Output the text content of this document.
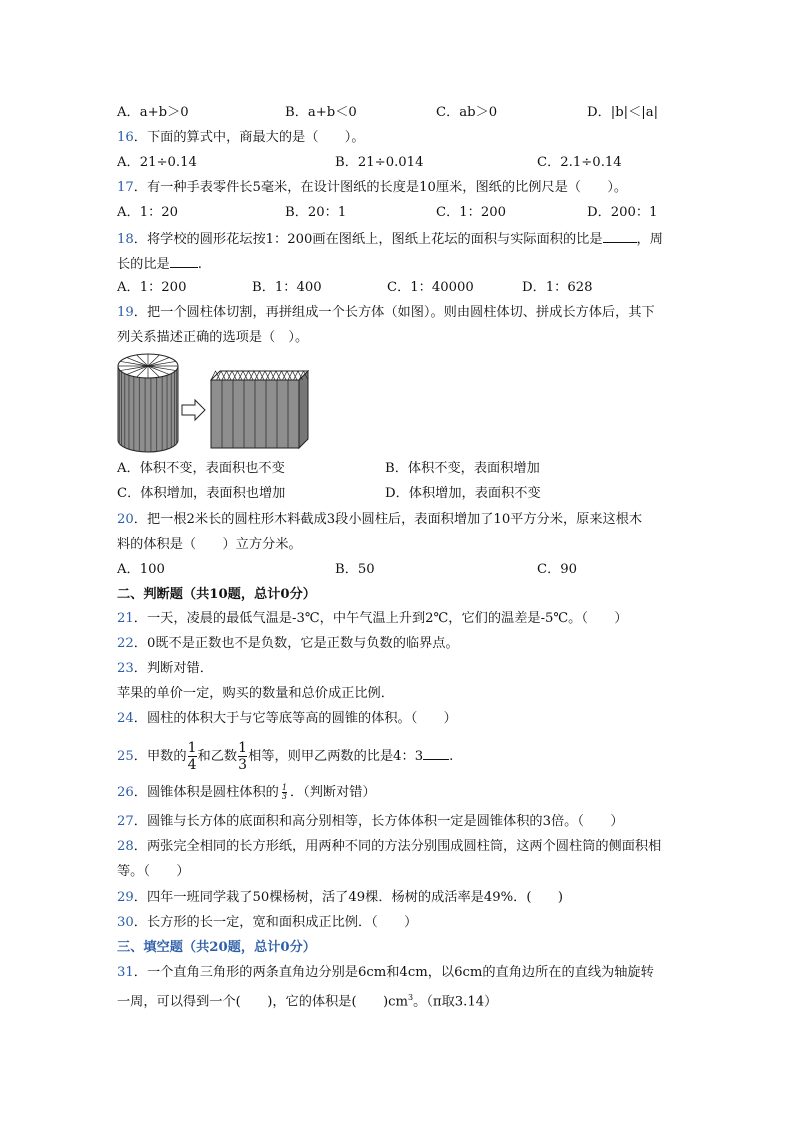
A．a+b＞0	B．a+b＜0	C．ab＞0	D．|b|＜|a|
16．下面的算式中，商最大的是（　　）。
A．21÷0.14	B．21÷0.014	C．2.1÷0.14
17．有一种手表零件长5毫米，在设计图纸的长度是10厘米，图纸的比例尺是（　　）。
A．1：20	B．20：1	C．1：200	D．200：1
18．将学校的圆形花坛按1：200画在图纸上，图纸上花坛的面积与实际面积的比是	，周
长的比是 .
A．1：200	B．1：400	C．1：40000	D．1：628
19．把一个圆柱体切割，再拼组成一个长方体（如图）。则由圆柱体切、拼成长方体后，其下
列关系描述正确的选项是（　）。
A．体积不变，表面积也不变	B．体积不变，表面积增加
C．体积增加，表面积也增加	D．体积增加，表面积不变
20．把一根2米长的圆柱形木料截成3段小圆柱后，表面积增加了10平方分米，原来这根木
料的体积是（　　）立方分米。
A．100	B．50	C．90
二、判断题（共10题，总计0分）
21．一天，凌晨的最低气温是-3℃，中午气温上升到2℃，它们的温差是-5℃。（　　）
22．0既不是正数也不是负数，它是正数与负数的临界点。
23．判断对错．
苹果的单价一定，购买的数量和总价成正比例．
24．圆柱的体积大于与它等底等高的圆锥的体积。（　　）
25．甲数的 $\frac{1}{4}$ 和乙数 $\frac{1}{3}$ 相等，则甲乙两数的比是4：3 .
26．圆锥体积是圆柱体积的 $\frac{1}{3}$ ．（判断对错）
27．圆锥与长方体的底面积和高分别相等，长方体体积一定是圆锥体积的3倍。（　　）
28．两张完全相同的长方形纸，用两种不同的方法分别围成圆柱筒，这两个圆柱筒的侧面积相
等。（　　）
29．四年一班同学栽了50棵杨树，活了49棵．杨树的成活率是49%．(　　)
30．长方形的长一定，宽和面积成正比例．（　　）
三、填空题（共20题，总计0分）
31．一个直角三角形的两条直角边分别是6cm和4cm，以6cm的直角边所在的直线为轴旋转
一周，可以得到一个(　　)，它的体积是(　　)$cm^3$。（π取3.14）
